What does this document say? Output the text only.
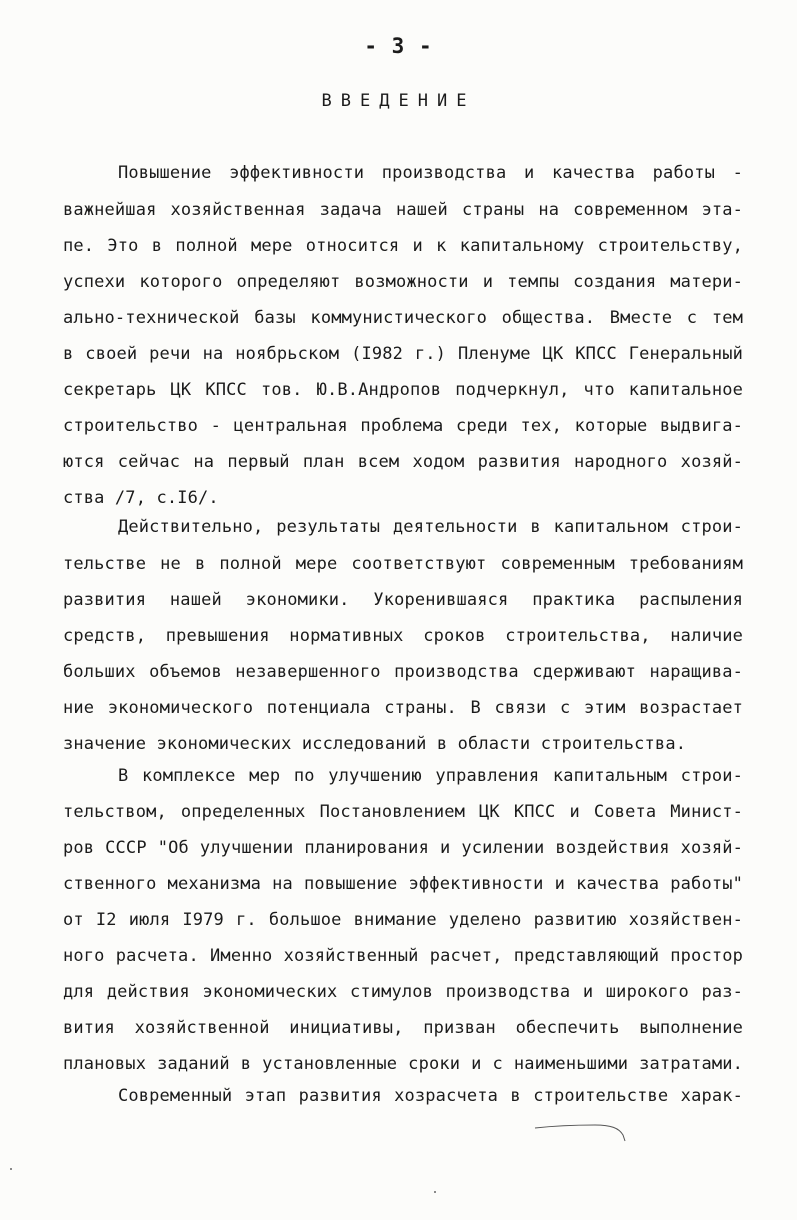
- 3 -
ВВЕДЕНИЕ
Повышение эффективности производства и качества работы -
важнейшая хозяйственная задача нашей страны на современном эта-
пе. Это в полной мере относится и к капитальному строительству,
успехи которого определяют возможности и темпы создания матери-
ально-технической базы коммунистического общества. Вместе с тем
в своей речи на ноябрьском (I982 г.) Пленуме ЦК КПСС Генеральный
секретарь ЦК КПСС тов. Ю.В.Андропов подчеркнул, что капитальное
строительство - центральная проблема среди тех, которые выдвига-
ются сейчас на первый план всем ходом развития народного хозяй-
ства /7, с.I6/.
Действительно, результаты деятельности в капитальном строи-
тельстве не в полной мере соответствуют современным требованиям
развития нашей экономики. Укоренившаяся практика распыления
средств, превышения нормативных сроков строительства, наличие
больших объемов незавершенного производства сдерживают наращива-
ние экономического потенциала страны. В связи с этим возрастает
значение экономических исследований в области строительства.
В комплексе мер по улучшению управления капитальным строи-
тельством, определенных Постановлением ЦК КПСС и Совета Минист-
ров СССР "Об улучшении планирования и усилении воздействия хозяй-
ственного механизма на повышение эффективности и качества работы"
от I2 июля I979 г. большое внимание уделено развитию хозяйствен-
ного расчета. Именно хозяйственный расчет, представляющий простор
для действия экономических стимулов производства и широкого раз-
вития хозяйственной инициативы, призван обеспечить выполнение
плановых заданий в установленные сроки и с наименьшими затратами.
Современный этап развития хозрасчета в строительстве харак-
